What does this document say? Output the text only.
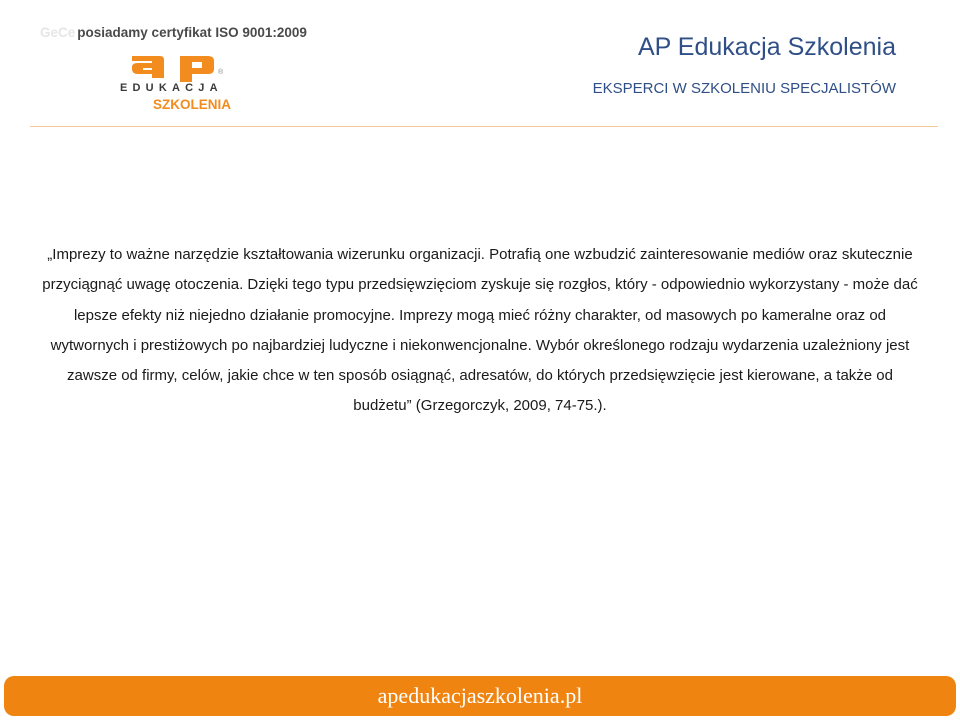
GeCe posiadamy certyfikat ISO 9001:2009
®
EDUKACJA
SZKOLENIA
AP Edukacja Szkolenia
EKSPERCI W SZKOLENIU SPECJALISTÓW
„Imprezy to ważne narzędzie kształtowania wizerunku organizacji. Potrafią one wzbudzić zainteresowanie mediów oraz skutecznie przyciągnąć uwagę otoczenia. Dzięki tego typu przedsięwzięciom zyskuje się rozgłos, który - odpowiednio wykorzystany - może dać lepsze efekty niż niejedno działanie promocyjne. Imprezy mogą mieć różny charakter, od masowych po kameralne oraz od wytwornych i prestiżowych po najbardziej ludyczne i niekonwencjonalne. Wybór określonego rodzaju wydarzenia uzależniony jest zawsze od firmy, celów, jakie chce w ten sposób osiągnąć, adresatów, do których przedsięwzięcie jest kierowane, a także od budżetu” (Grzegorczyk, 2009, 74-75.).
apedukacjaszkolenia.pl
